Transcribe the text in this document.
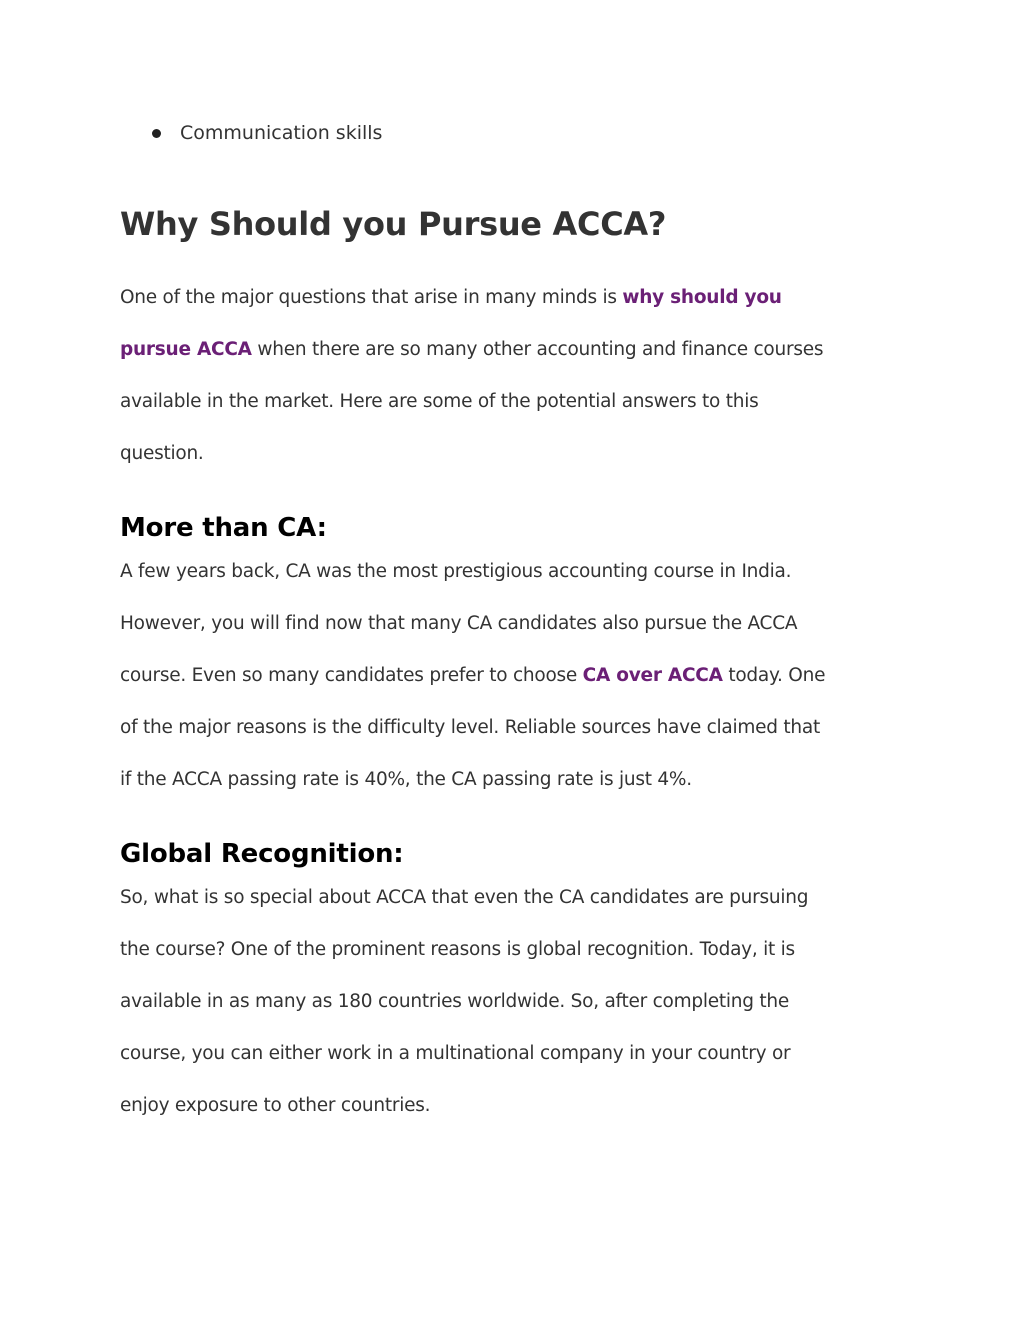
Communication skills
Why Should you Pursue ACCA?

One of the major questions that arise in many minds is why should you
pursue ACCA when there are so many other accounting and finance courses
available in the market. Here are some of the potential answers to this
question.

More than CA:

A few years back, CA was the most prestigious accounting course in India.
However, you will find now that many CA candidates also pursue the ACCA
course. Even so many candidates prefer to choose CA over ACCA today. One
of the major reasons is the difficulty level. Reliable sources have claimed that
if the ACCA passing rate is 40%, the CA passing rate is just 4%.

Global Recognition:

So, what is so special about ACCA that even the CA candidates are pursuing
the course? One of the prominent reasons is global recognition. Today, it is
available in as many as 180 countries worldwide. So, after completing the
course, you can either work in a multinational company in your country or
enjoy exposure to other countries.
